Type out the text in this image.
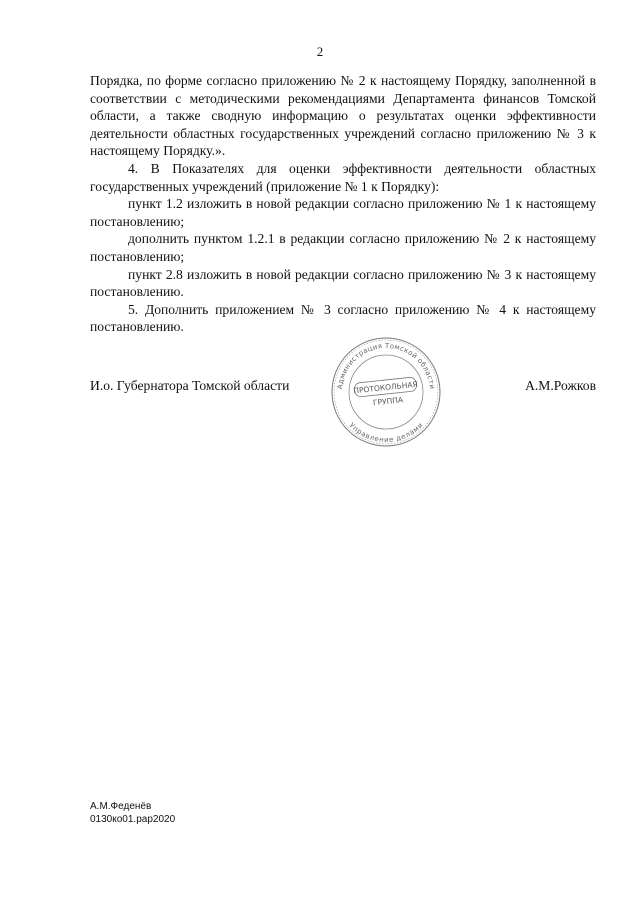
2

Порядка, по форме согласно приложению № 2 к настоящему Порядку, заполненной в соответствии с методическими рекомендациями Департамента финансов Томской области, а также сводную информацию о результатах оценки эффективности деятельности областных государственных учреждений согласно приложению № 3 к настоящему Порядку.».

4. В Показателях для оценки эффективности деятельности областных государственных учреждений (приложение № 1 к Порядку):

пункт 1.2 изложить в новой редакции согласно приложению № 1 к настоящему постановлению;

дополнить пунктом 1.2.1 в редакции согласно приложению № 2 к настоящему постановлению;

пункт 2.8 изложить в новой редакции согласно приложению № 3 к настоящему постановлению.

5. Дополнить приложением № 3 согласно приложению № 4 к настоящему постановлению.

И.о. Губернатора Томской области	А.М.Рожков
Администрация Томской области
Управление делами
ПРОТОКОЛЬНАЯ
ГРУППА
А.М.Феденёв
0130ко01.рар2020
